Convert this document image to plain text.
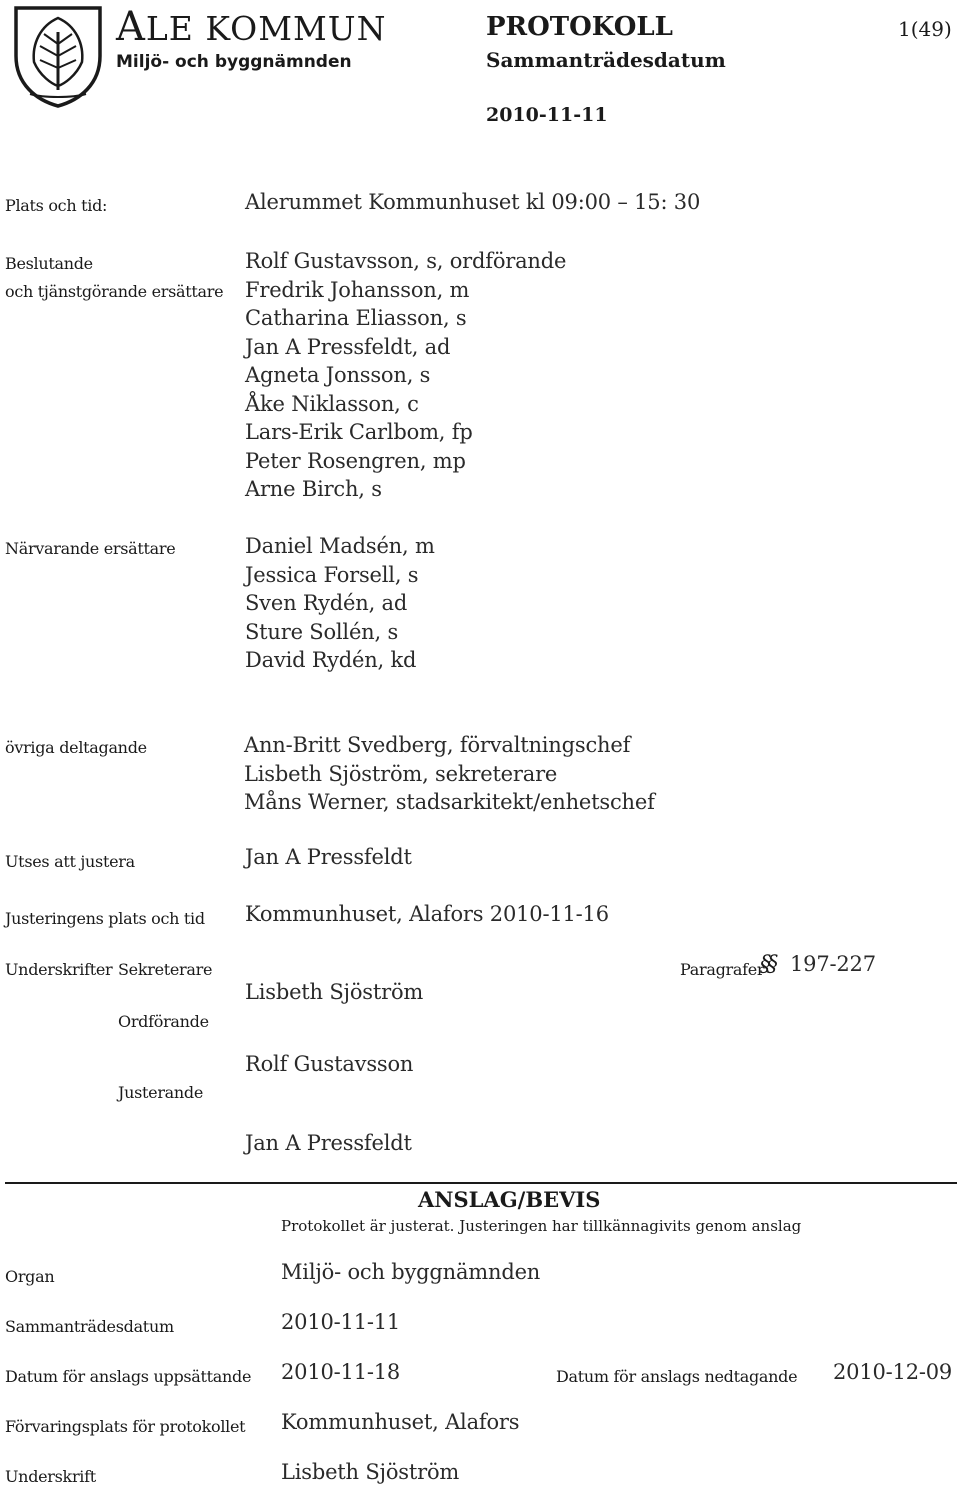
ALE KOMMUN
Miljö- och byggnämnden
PROTOKOLL	1(49)
Sammanträdesdatum
2010-11-11
Plats och tid:	Alerummet Kommunhuset kl 09:00 – 15: 30
Beslutande
och tjänstgörande ersättare
Rolf Gustavsson, s, ordförande
Fredrik Johansson, m
Catharina Eliasson, s
Jan A Pressfeldt, ad
Agneta Jonsson, s
Åke Niklasson, c
Lars-Erik Carlbom, fp
Peter Rosengren, mp
Arne Birch, s
Närvarande ersättare	Daniel Madsén, m
Jessica Forsell, s
Sven Rydén, ad
Sture Sollén, s
David Rydén, kd
övriga deltagande	Ann-Britt Svedberg, förvaltningschef
Lisbeth Sjöström, sekreterare
Måns Werner, stadsarkitekt/enhetschef
Utses att justera	Jan A Pressfeldt
Justeringens plats och tid Kommunhuset, Alafors 2010-11-16
Underskrifter Sekreterare
Lisbeth Sjöström
Paragrafer
§§ 197-227
Ordförande
Rolf Gustavsson
Justerande
Jan A Pressfeldt
ANSLAG/BEVIS
Protokollet är justerat. Justeringen har tillkännagivits genom anslag
Organ	Miljö- och byggnämnden
Sammanträdesdatum	2010-11-11
Datum för anslags uppsättande 2010-11-18	Datum för anslags nedtagande 2010-12-09
Förvaringsplats för protokollet Kommunhuset, Alafors
Underskrift	Lisbeth Sjöström
